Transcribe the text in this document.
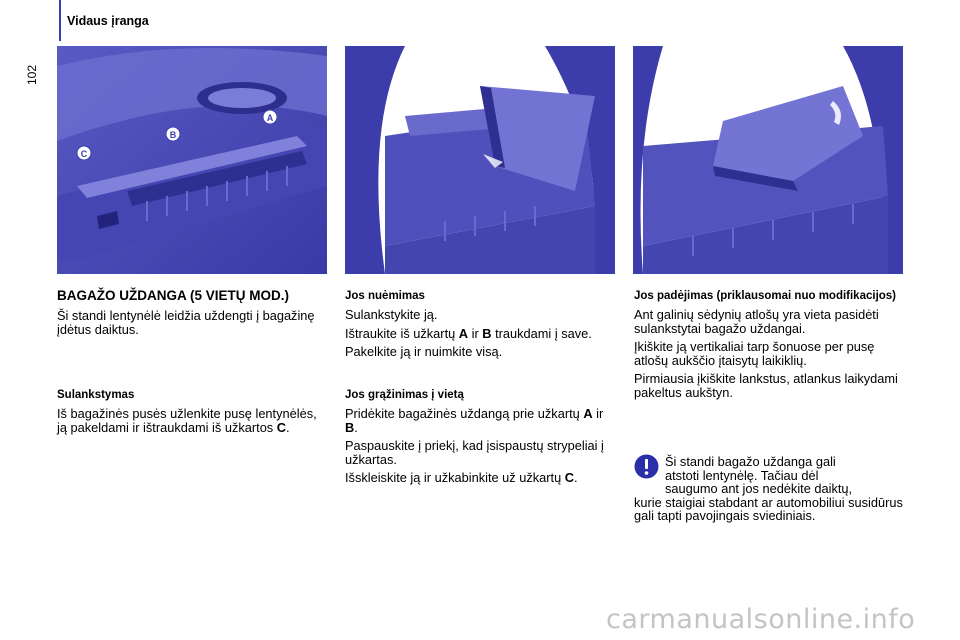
Vidaus įranga
102
A
B
C
BAGAŽO UŽDANGA (5 VIETŲ MOD.)

Ši standi lentynėlė leidžia uždengti į bagažinę įdėtus daiktus.

Sulankstymas

Iš bagažinės pusės užlenkite pusę lentynėlės, ją pakeldami ir ištraukdami iš užkartos C.

Jos nuėmimas

Sulankstykite ją.

Ištraukite iš užkartų A ir B traukdami į save.

Pakelkite ją ir nuimkite visą.

Jos grąžinimas į vietą

Pridėkite bagažinės uždangą prie užkartų A ir B.

Paspauskite į priekį, kad įsispaustų strypeliai į užkartas.

Išskleiskite ją ir užkabinkite už užkartų C.

Jos padėjimas (priklausomai nuo modifikacijos)

Ant galinių sėdynių atlošų yra vieta pasidėti sulankstytai bagažo uždangai.

Įkiškite ją vertikaliai tarp šonuose per pusę atlošų aukščio įtaisytų laikiklių.

Pirmiausia įkiškite lankstus, atlankus laikydami pakeltus aukštyn.

Ši standi bagažo uždanga gali
atstoti lentynėlę. Tačiau dėl
saugumo ant jos nedėkite daiktų,
kurie staigiai stabdant ar automobiliui susidūrus gali tapti pavojingais sviediniais.
carmanualsonline.info
